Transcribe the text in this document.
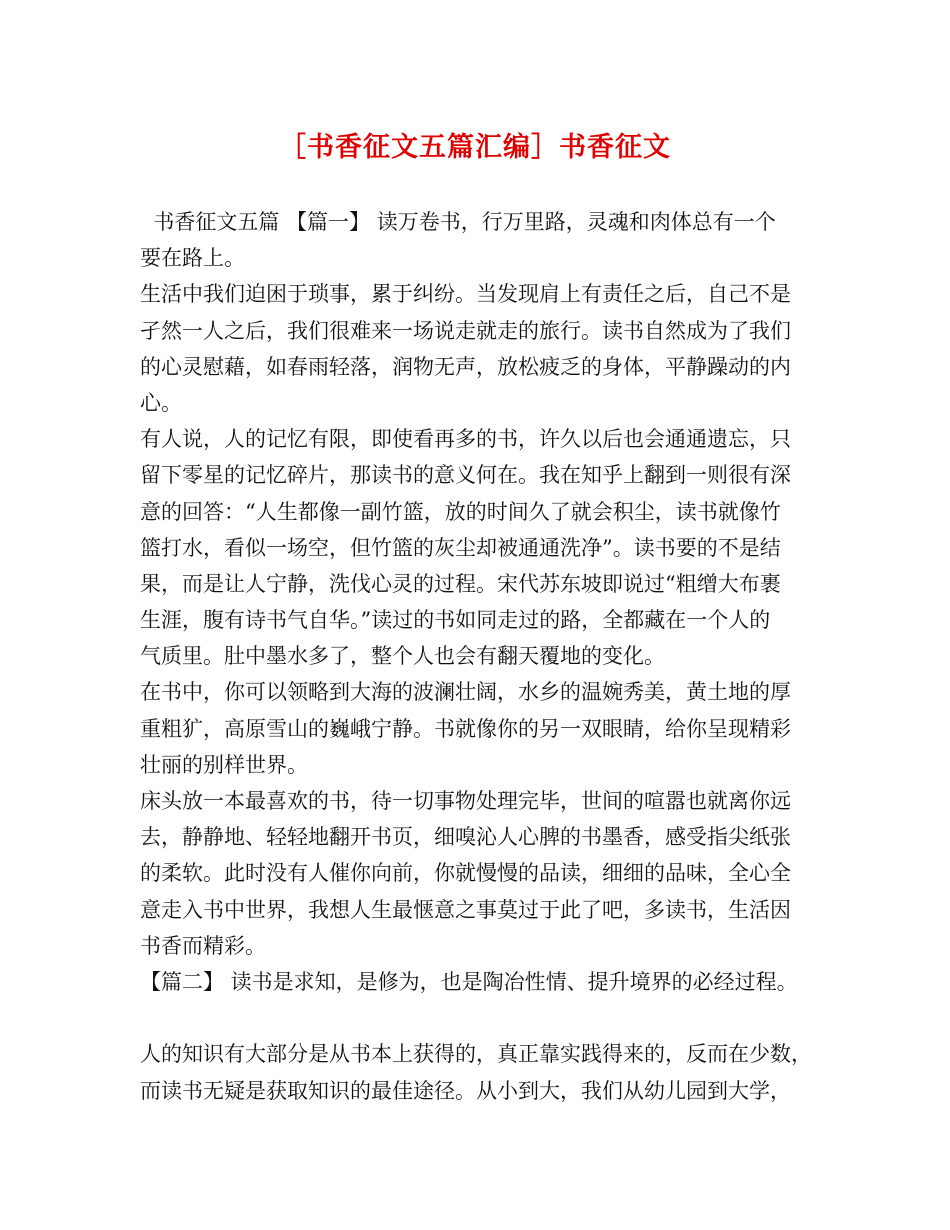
［书香征文五篇汇编］书香征文
书香征文五篇 【篇一】 读万卷书，行万里路，灵魂和肉体总有一个
要在路上。
生活中我们迫困于琐事，累于纠纷。当发现肩上有责任之后，自己不是
孑然一人之后，我们很难来一场说走就走的旅行。读书自然成为了我们
的心灵慰藉，如春雨轻落，润物无声，放松疲乏的身体，平静躁动的内
心。
有人说，人的记忆有限，即使看再多的书，许久以后也会通通遗忘，只
留下零星的记忆碎片，那读书的意义何在。我在知乎上翻到一则很有深
意的回答：“人生都像一副竹篮，放的时间久了就会积尘，读书就像竹
篮打水，看似一场空，但竹篮的灰尘却被通通洗净”。读书要的不是结
果，而是让人宁静，洗伐心灵的过程。宋代苏东坡即说过“粗缯大布裹
生涯，腹有诗书气自华。”读过的书如同走过的路，全都藏在一个人的
气质里。肚中墨水多了，整个人也会有翻天覆地的变化。
在书中，你可以领略到大海的波澜壮阔，水乡的温婉秀美，黄土地的厚
重粗犷，高原雪山的巍峨宁静。书就像你的另一双眼睛，给你呈现精彩
壮丽的别样世界。
床头放一本最喜欢的书，待一切事物处理完毕，世间的喧嚣也就离你远
去，静静地、轻轻地翻开书页，细嗅沁人心脾的书墨香，感受指尖纸张
的柔软。此时没有人催你向前，你就慢慢的品读，细细的品味，全心全
意走入书中世界，我想人生最惬意之事莫过于此了吧，多读书，生活因
书香而精彩。
【篇二】 读书是求知，是修为，也是陶冶性情、提升境界的必经过程。
人的知识有大部分是从书本上获得的，真正靠实践得来的，反而在少数，
而读书无疑是获取知识的最佳途径。从小到大，我们从幼儿园到大学，
